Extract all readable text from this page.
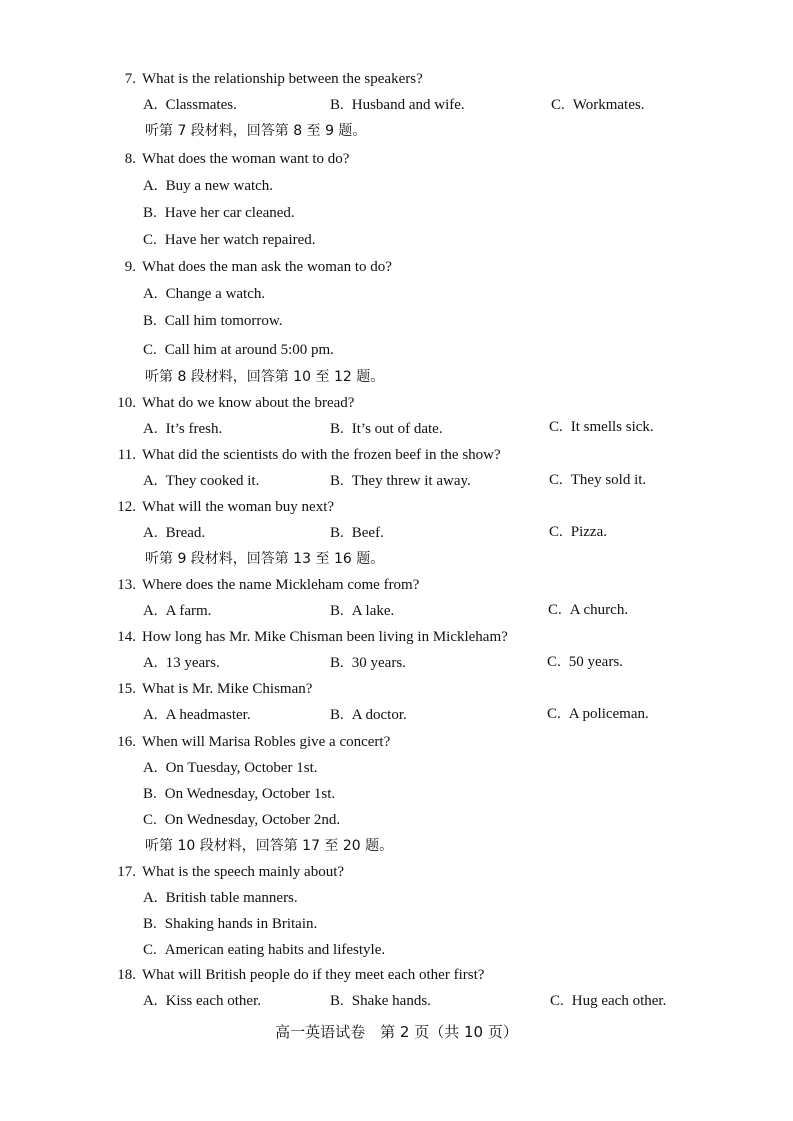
7. What is the relationship between the speakers?
A. Classmates.	B. Husband and wife.	C. Workmates.
听第 7 段材料，回答第 8 至 9 题。
8. What does the woman want to do?
A. Buy a new watch.
B. Have her car cleaned.
C. Have her watch repaired.
9. What does the man ask the woman to do?
A. Change a watch.
B. Call him tomorrow.
C. Call him at around 5:00 pm.
听第 8 段材料，回答第 10 至 12 题。
10. What do we know about the bread?
A. It’s fresh.	B. It’s out of date.	C. It smells sick.
11. What did the scientists do with the frozen beef in the show?
A. They cooked it.	B. They threw it away.	C. They sold it.
12. What will the woman buy next?
A. Bread.	B. Beef.	C. Pizza.
听第 9 段材料，回答第 13 至 16 题。
13. Where does the name Mickleham come from?
A. A farm.	B. A lake.	C. A church.
14. How long has Mr. Mike Chisman been living in Mickleham?
A. 13 years.	B. 30 years.	C. 50 years.
15. What is Mr. Mike Chisman?
A. A headmaster.	B. A doctor.	C. A policeman.
16. When will Marisa Robles give a concert?
A. On Tuesday, October 1st.
B. On Wednesday, October 1st.
C. On Wednesday, October 2nd.
听第 10 段材料，回答第 17 至 20 题。
17. What is the speech mainly about?
A. British table manners.
B. Shaking hands in Britain.
C. American eating habits and lifestyle.
18. What will British people do if they meet each other first?
A. Kiss each other.	B. Shake hands.	C. Hug each other.
高一英语试卷　第 2 页（共 10 页）
